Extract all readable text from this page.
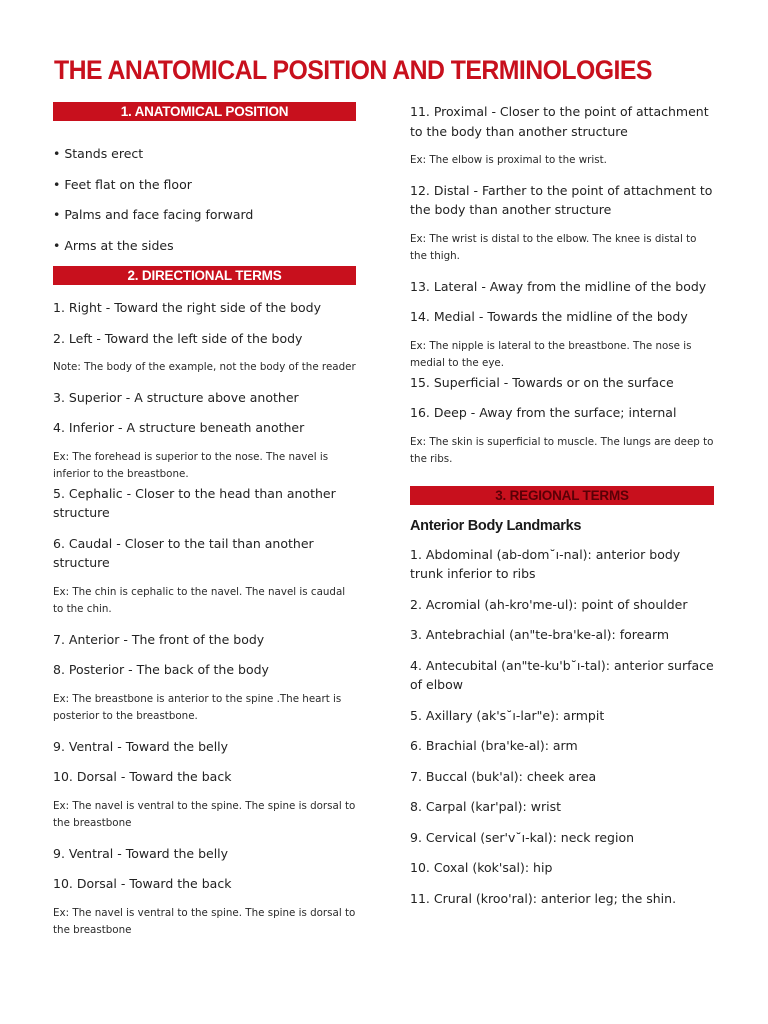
THE ANATOMICAL POSITION AND TERMINOLOGIES
1. ANATOMICAL POSITION
• Stands erect
• Feet flat on the floor
• Palms and face facing forward
• Arms at the sides
2. DIRECTIONAL TERMS
1. Right - Toward the right side of the body
2. Left - Toward the left side of the body
Note: The body of the example, not the body of the reader
3. Superior - A structure above another
4. Inferior - A structure beneath another
Ex: The forehead is superior to the nose. The navel is inferior to the breastbone.
5. Cephalic - Closer to the head than another structure
6. Caudal - Closer to the tail than another structure
Ex: The chin is cephalic to the navel. The navel is caudal to the chin.
7. Anterior - The front of the body
8. Posterior - The back of the body
Ex: The breastbone is anterior to the spine .The heart is posterior to the breastbone.
9. Ventral - Toward the belly
10. Dorsal - Toward the back
Ex: The navel is ventral to the spine. The spine is dorsal to the breastbone
9. Ventral - Toward the belly
10. Dorsal - Toward the back
Ex: The navel is ventral to the spine. The spine is dorsal to the breastbone
11. Proximal - Closer to the point of attachment to the body than another structure
Ex: The elbow is proximal to the wrist.
12. Distal - Farther to the point of attachment to the body than another structure
Ex: The wrist is distal to the elbow. The knee is distal to the thigh.
13. Lateral - Away from the midline of the body
14. Medial - Towards the midline of the body
Ex: The nipple is lateral to the breastbone. The nose is medial to the eye.
15. Superficial - Towards or on the surface
16. Deep - Away from the surface; internal
Ex: The skin is superficial to muscle. The lungs are deep to the ribs.
3. REGIONAL TERMS
Anterior Body Landmarks
1. Abdominal (ab-dom˘ı-nal): anterior body trunk inferior to ribs
2. Acromial (ah-kro'me-ul): point of shoulder
3. Antebrachial (an"te-bra'ke-al): forearm
4. Antecubital (an"te-ku'b˘ı-tal): anterior surface of elbow
5. Axillary (ak's˘ı-lar"e): armpit
6. Brachial (bra'ke-al): arm
7. Buccal (buk'al): cheek area
8. Carpal (kar'pal): wrist
9. Cervical (ser'v˘ı-kal): neck region
10. Coxal (kok'sal): hip
11. Crural (kroo'ral): anterior leg; the shin.
